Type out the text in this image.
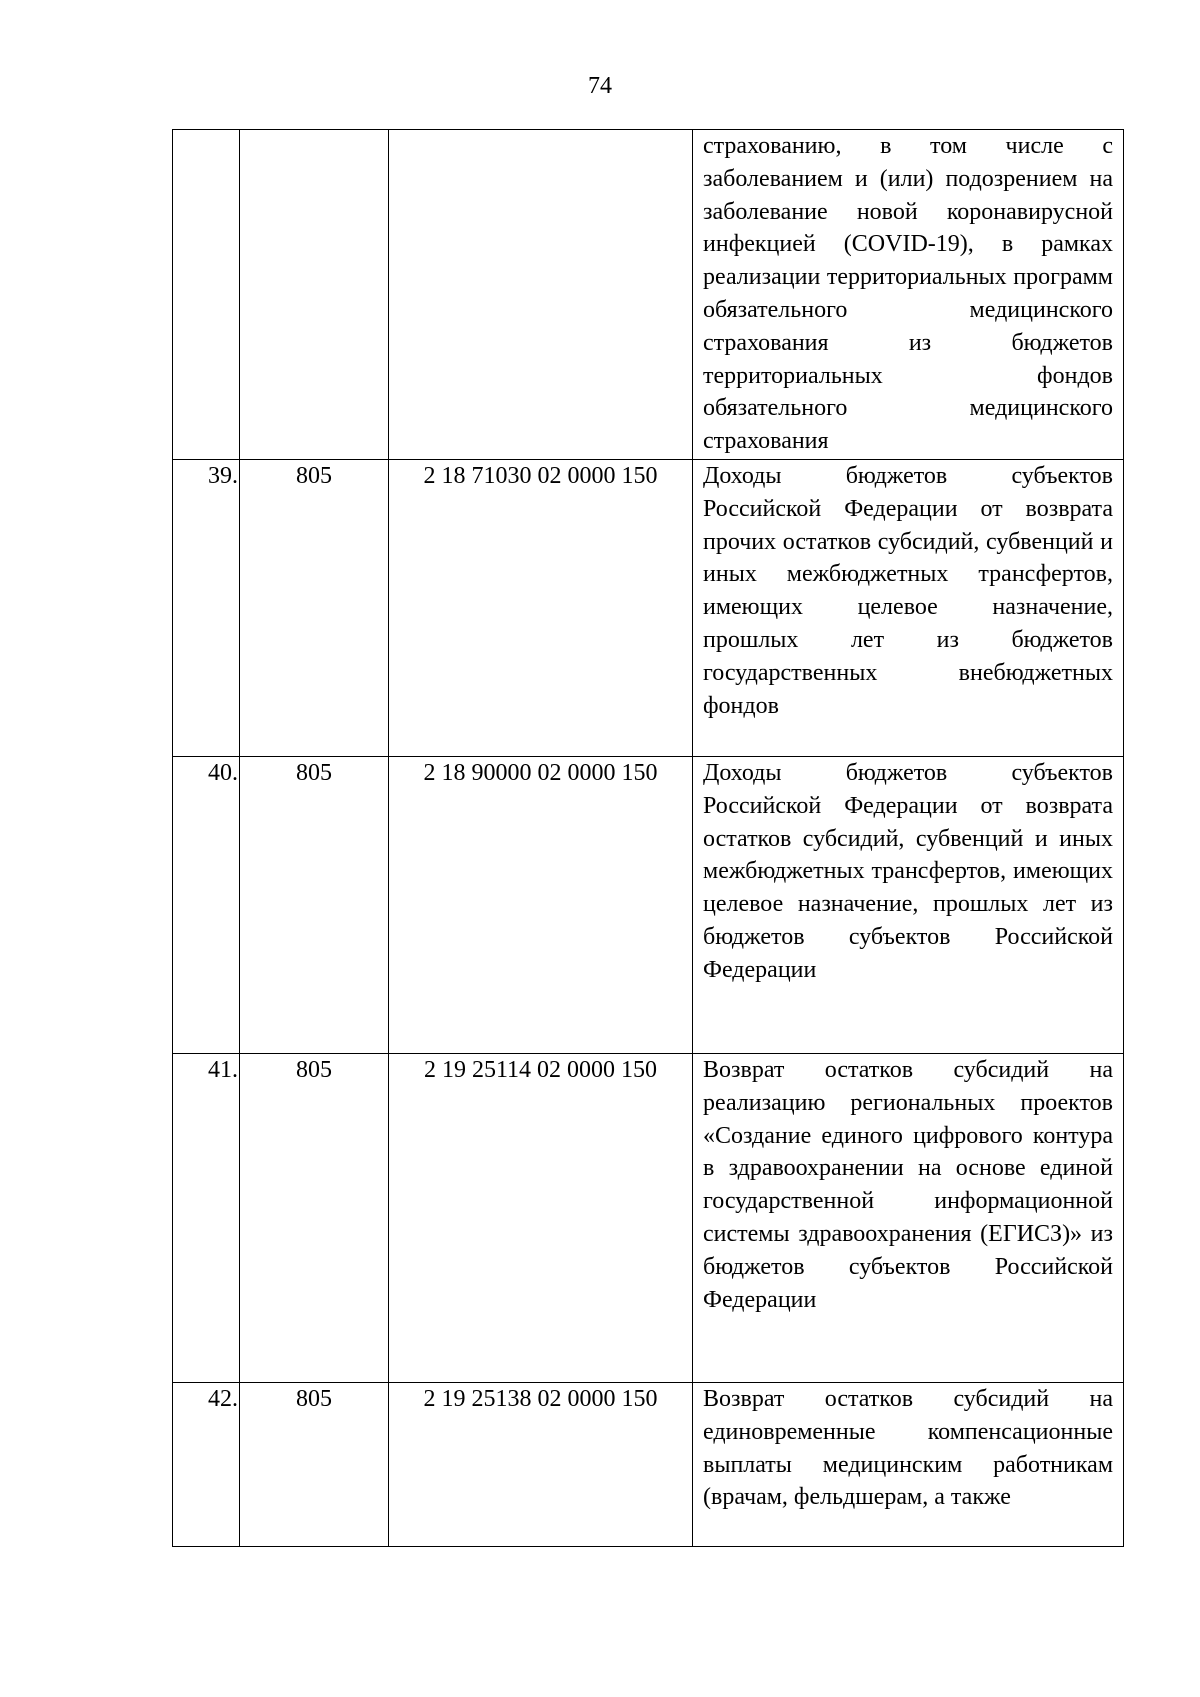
74

			страхованию, в том числе с заболеванием и (или) подозрением на заболевание новой коронавирусной инфекцией (COVID-19), в рамках реализации территориальных программ обязательного медицинского страхования из бюджетов территориальных фондов обязательного медицинского страхования

39.	805	2 18 71030 02 0000 150	Доходы бюджетов субъектов Российской Федерации от возврата прочих остатков субсидий, субвенций и иных межбюджетных трансфертов, имеющих целевое назначение, прошлых лет из бюджетов государственных внебюджетных фондов

40.	805	2 18 90000 02 0000 150	Доходы бюджетов субъектов Российской Федерации от возврата остатков субсидий, субвенций и иных межбюджетных трансфертов, имеющих целевое назначение, прошлых лет из бюджетов субъектов Российской Федерации

41.	805	2 19 25114 02 0000 150	Возврат остатков субсидий на реализацию региональных проектов «Создание единого цифрового контура в здравоохранении на основе единой государственной информационной системы здравоохранения (ЕГИСЗ)» из бюджетов субъектов Российской Федерации

42.	805	2 19 25138 02 0000 150	Возврат остатков субсидий на единовременные компенсационные выплаты медицинским работникам (врачам, фельдшерам, а также
